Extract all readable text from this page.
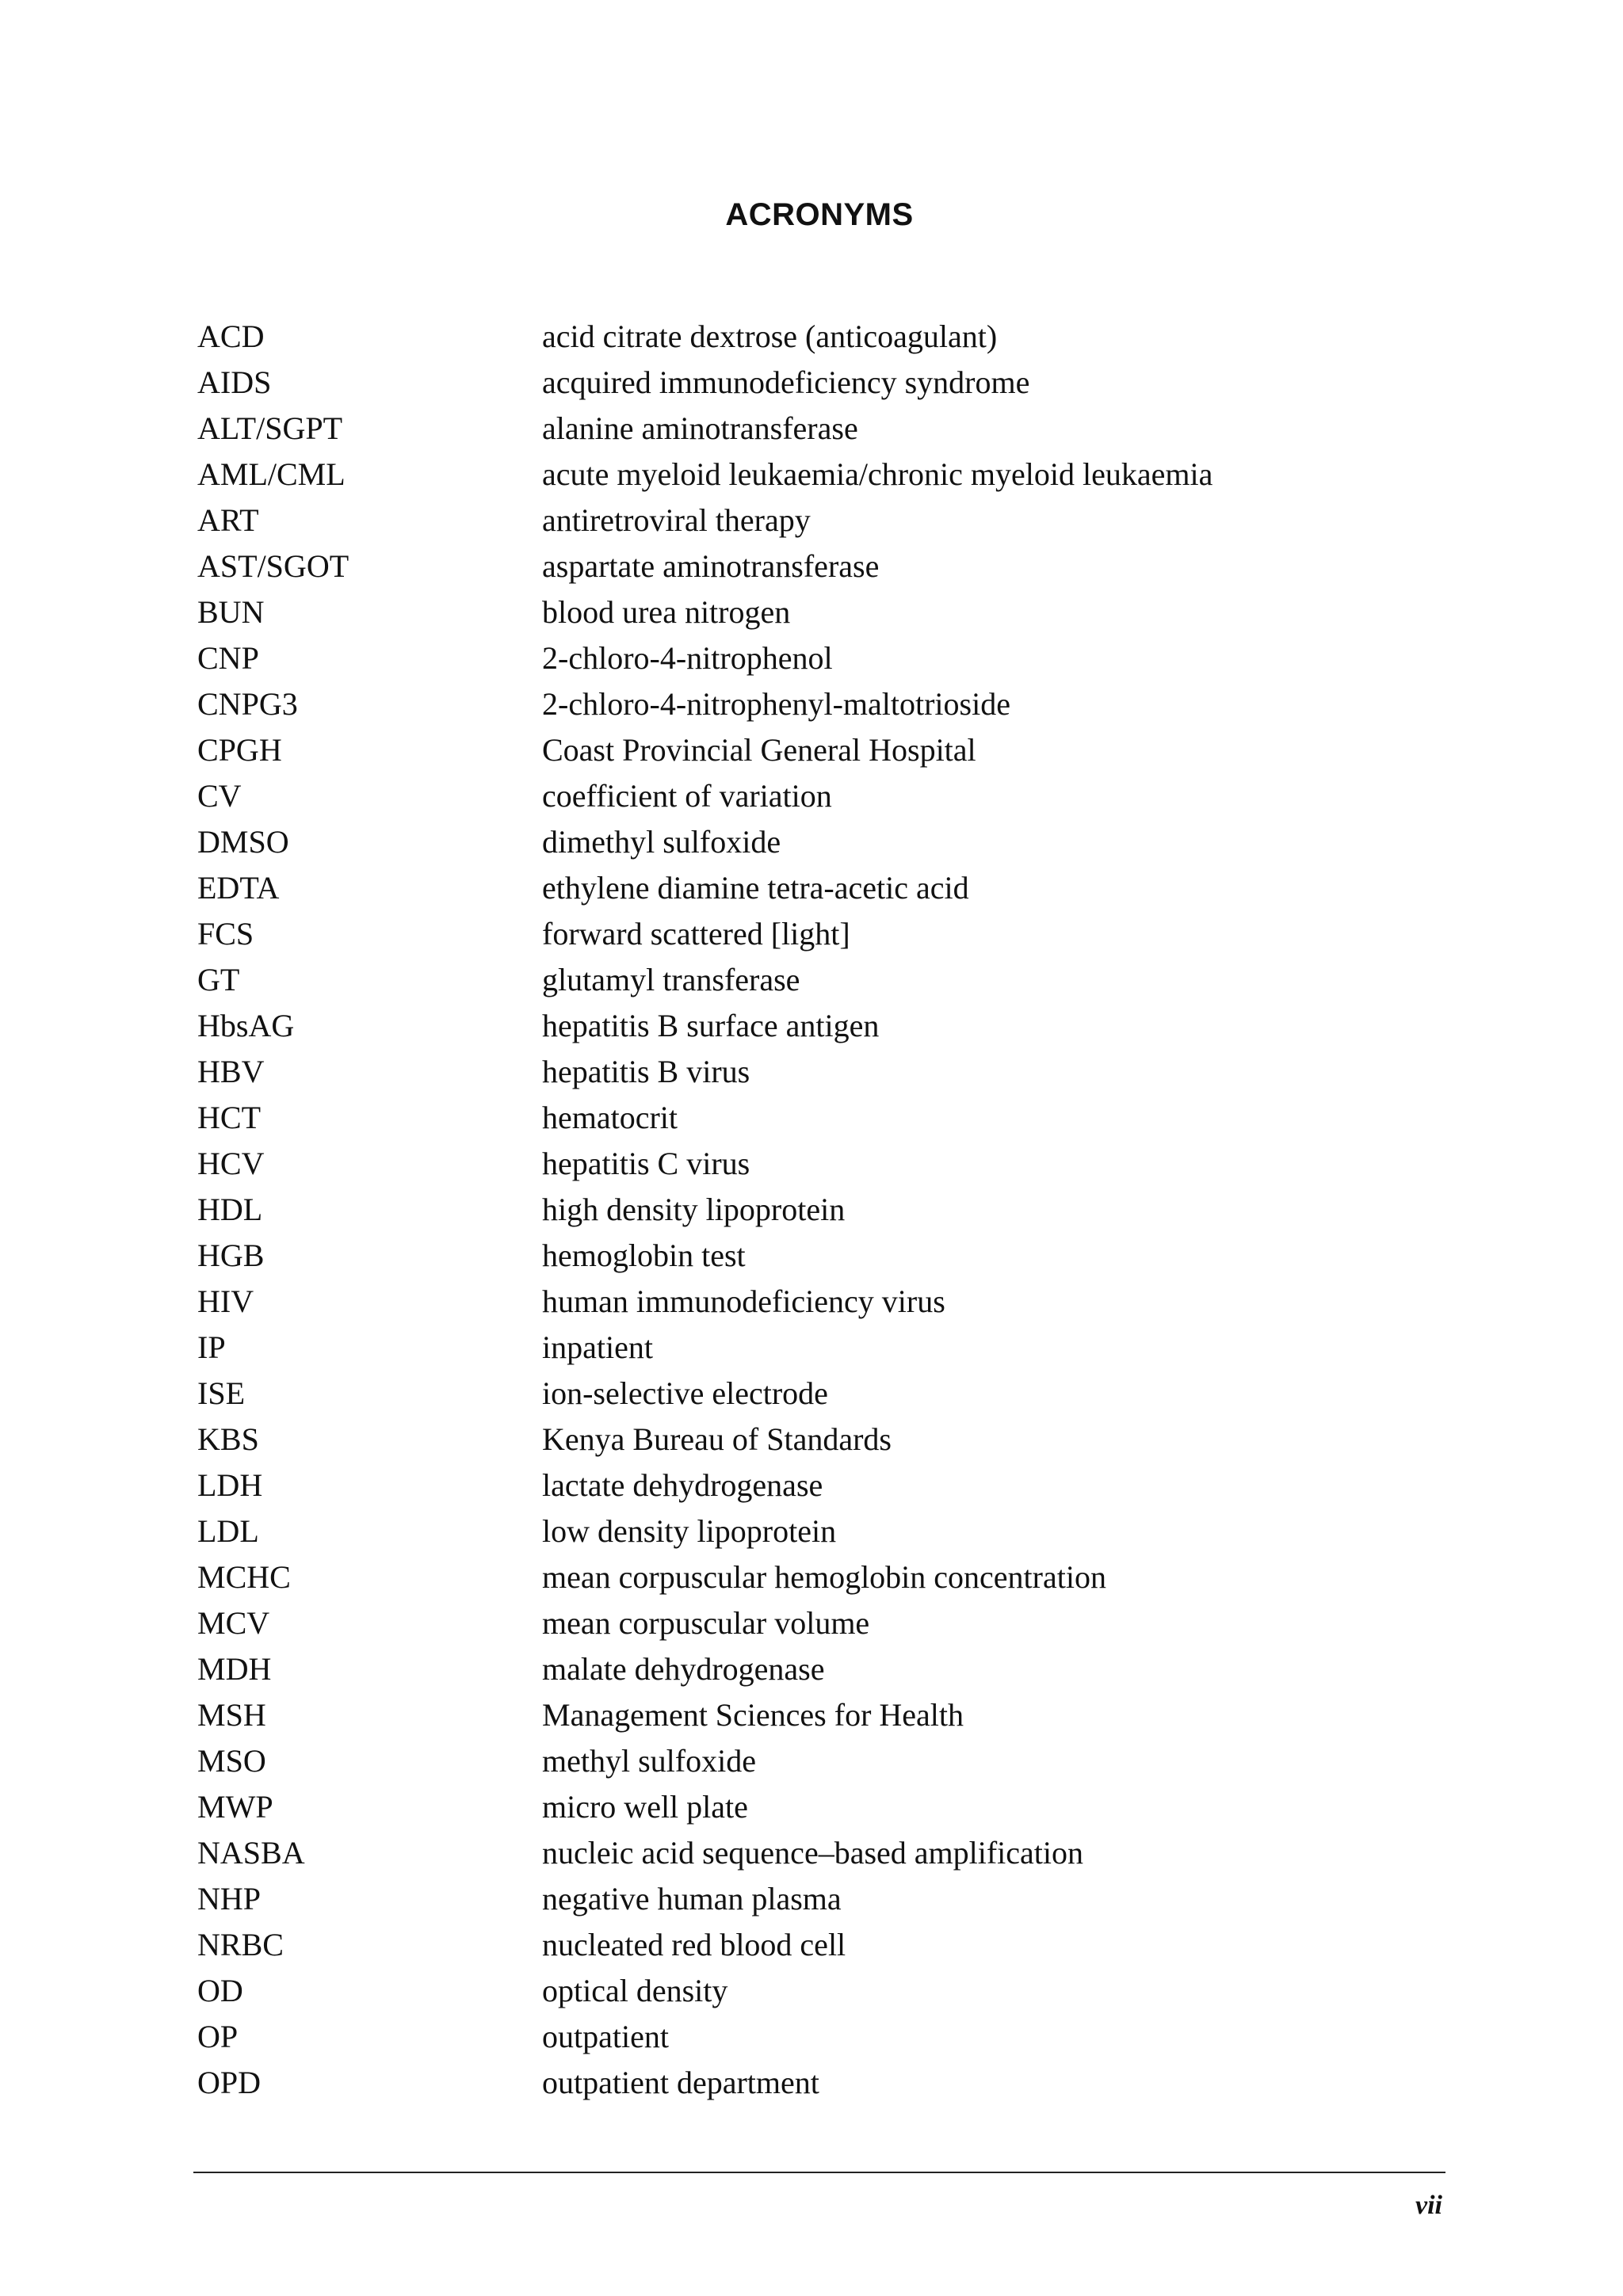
ACRONYMS
ACD	acid citrate dextrose (anticoagulant)
AIDS	acquired immunodeficiency syndrome
ALT/SGPT	alanine aminotransferase
AML/CML	acute myeloid leukaemia/chronic myeloid leukaemia
ART	antiretroviral therapy
AST/SGOT	aspartate aminotransferase
BUN	blood urea nitrogen
CNP	2-chloro-4-nitrophenol
CNPG3	2-chloro-4-nitrophenyl-maltotrioside
CPGH	Coast Provincial General Hospital
CV	coefficient of variation
DMSO	dimethyl sulfoxide
EDTA	ethylene diamine tetra-acetic acid
FCS	forward scattered [light]
GT	glutamyl transferase
HbsAG	hepatitis B surface antigen
HBV	hepatitis B virus
HCT	hematocrit
HCV	hepatitis C virus
HDL	high density lipoprotein
HGB	hemoglobin test
HIV	human immunodeficiency virus
IP	inpatient
ISE	ion-selective electrode
KBS	Kenya Bureau of Standards
LDH	lactate dehydrogenase
LDL	low density lipoprotein
MCHC	mean corpuscular hemoglobin concentration
MCV	mean corpuscular volume
MDH	malate dehydrogenase
MSH	Management Sciences for Health
MSO	methyl sulfoxide
MWP	micro well plate
NASBA	nucleic acid sequence–based amplification
NHP	negative human plasma
NRBC	nucleated red blood cell
OD	optical density
OP	outpatient
OPD	outpatient department
vii
